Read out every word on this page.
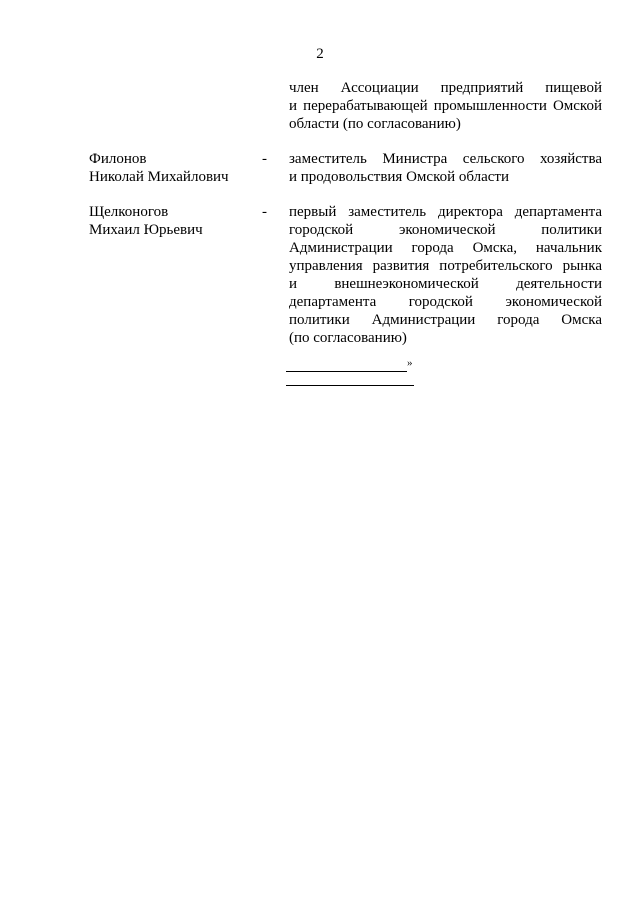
2
член Ассоциации предприятий пищевой
и перерабатывающей промышленности Омской
области (по согласованию)
Филонов
Николай Михайлович
- заместитель Министра сельского хозяйства
и продовольствия Омской области
Щелконогов
Михаил Юрьевич
- первый заместитель директора департамента
городской экономической политики
Администрации города Омска, начальник
управления развития потребительского рынка
и внешнеэкономической деятельности
департамента городской экономической
политики Администрации города Омска
(по согласованию)
»
